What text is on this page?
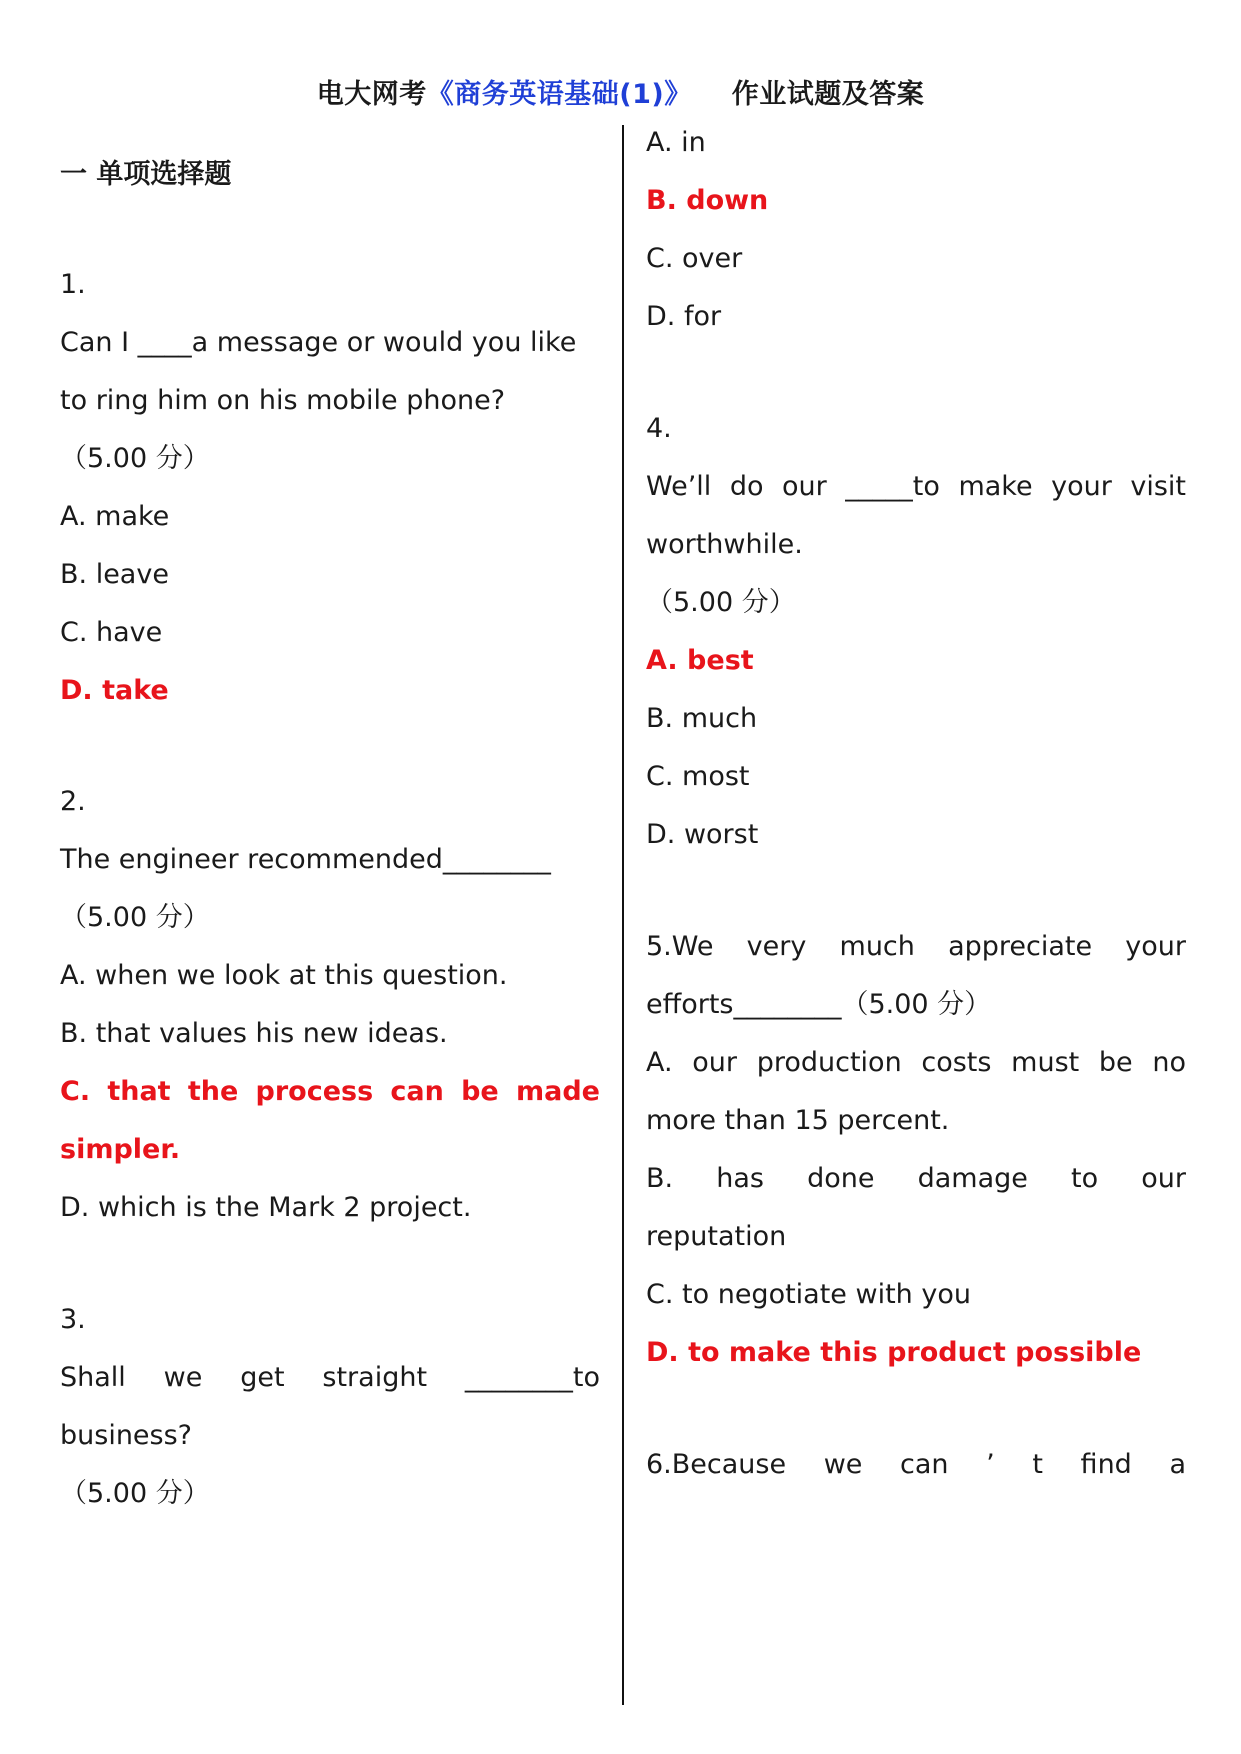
电大网考《商务英语基础(1)》 作业试题及答案
一 单项选择题
1.
Can I ____a message or would you like
to ring him on his mobile phone?
（5.00 分）
A. make
B. leave
C. have
D. take
2.
The engineer recommended________
（5.00 分）
A. when we look at this question.
B. that values his new ideas.
C. that the process can be made
simpler.
D. which is the Mark 2 project.
3.
Shall we get straight ________to
business?
（5.00 分）
A. in
B. down
C. over
D. for
4.
We’ll do our _____to make your visit
worthwhile.
（5.00 分）
A. best
B. much
C. most
D. worst
5.We very much appreciate your
efforts________（5.00 分）
A. our production costs must be no
more than 15 percent.
B. has done damage to our
reputation
C. to negotiate with you
D. to make this product possible
6.Because we can ’ t find a
